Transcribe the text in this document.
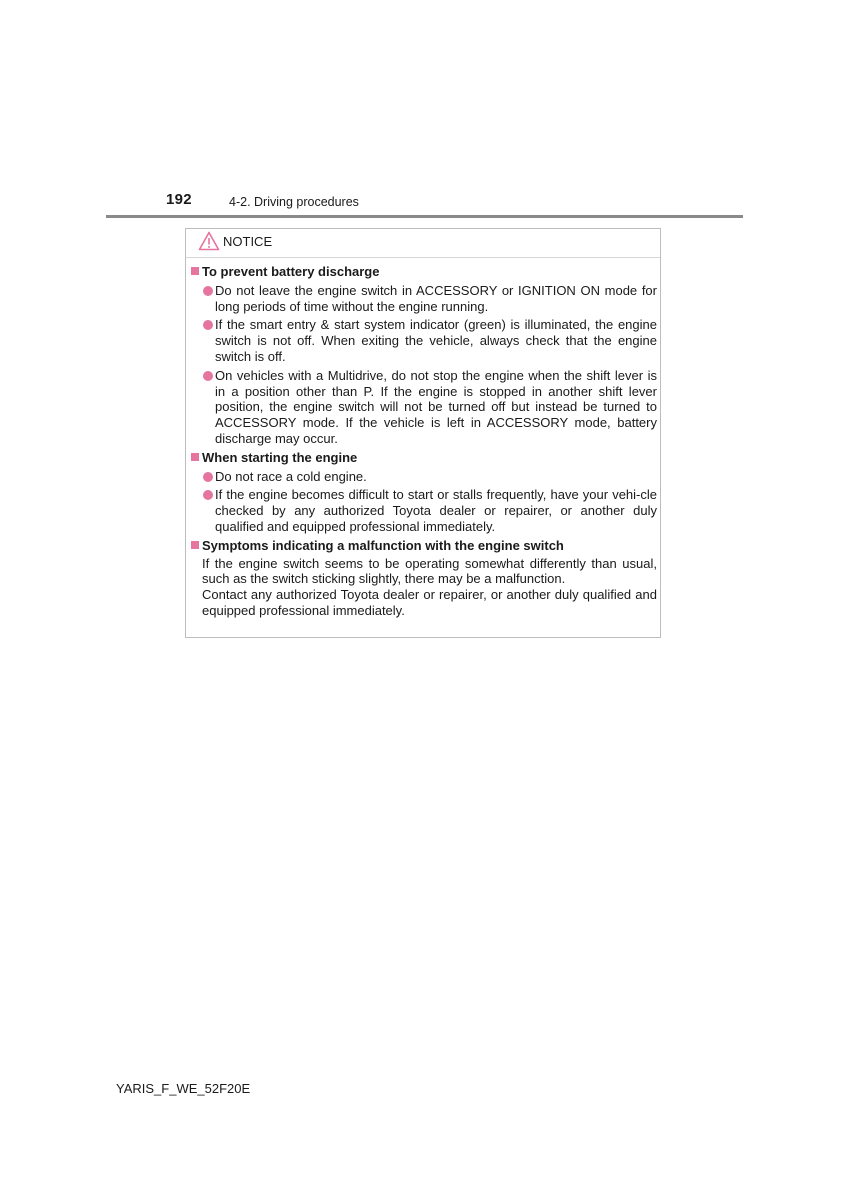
192	4-2. Driving procedures
NOTICE
To prevent battery discharge
Do not leave the engine switch in ACCESSORY or IGNITION ON mode for long periods of time without the engine running.
If the smart entry & start system indicator (green) is illuminated, the engine switch is not off. When exiting the vehicle, always check that the engine switch is off.
On vehicles with a Multidrive, do not stop the engine when the shift lever is in a position other than P. If the engine is stopped in another shift lever position, the engine switch will not be turned off but instead be turned to ACCESSORY mode. If the vehicle is left in ACCESSORY mode, battery discharge may occur.
When starting the engine
Do not race a cold engine.
If the engine becomes difficult to start or stalls frequently, have your vehi-cle checked by any authorized Toyota dealer or repairer, or another duly qualified and equipped professional immediately.
Symptoms indicating a malfunction with the engine switch
If the engine switch seems to be operating somewhat differently than usual, such as the switch sticking slightly, there may be a malfunction.
Contact any authorized Toyota dealer or repairer, or another duly qualified and equipped professional immediately.
YARIS_F_WE_52F20E
